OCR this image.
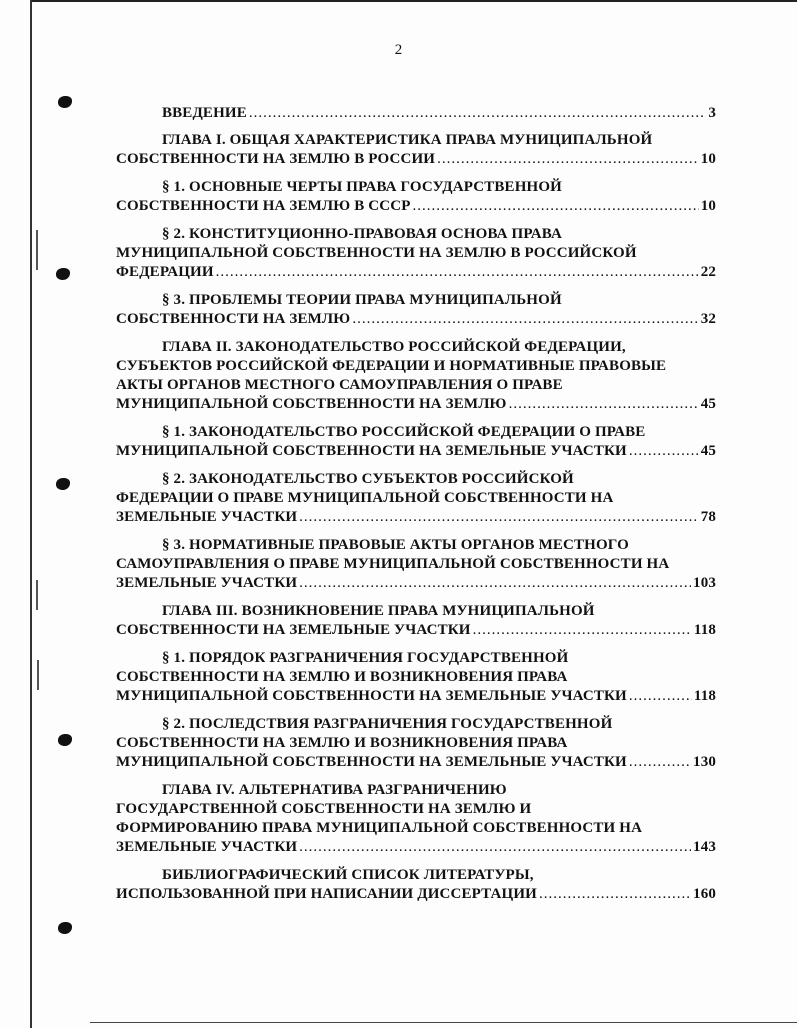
2
ВВЕДЕНИЕ .....	3
ГЛАВА I. ОБЩАЯ ХАРАКТЕРИСТИКА ПРАВА МУНИЦИПАЛЬНОЙ
СОБСТВЕННОСТИ НА ЗЕМЛЮ В РОССИИ .....	10
§ 1. ОСНОВНЫЕ ЧЕРТЫ ПРАВА ГОСУДАРСТВЕННОЙ
СОБСТВЕННОСТИ НА ЗЕМЛЮ В СССР .....	10
§ 2. КОНСТИТУЦИОННО-ПРАВОВАЯ ОСНОВА ПРАВА
МУНИЦИПАЛЬНОЙ СОБСТВЕННОСТИ НА ЗЕМЛЮ В РОССИЙСКОЙ
ФЕДЕРАЦИИ .....	22
§ 3. ПРОБЛЕМЫ ТЕОРИИ ПРАВА МУНИЦИПАЛЬНОЙ
СОБСТВЕННОСТИ НА ЗЕМЛЮ .....	32
ГЛАВА II. ЗАКОНОДАТЕЛЬСТВО РОССИЙСКОЙ ФЕДЕРАЦИИ,
СУБЪЕКТОВ РОССИЙСКОЙ ФЕДЕРАЦИИ И НОРМАТИВНЫЕ ПРАВОВЫЕ
АКТЫ ОРГАНОВ МЕСТНОГО САМОУПРАВЛЕНИЯ О ПРАВЕ
МУНИЦИПАЛЬНОЙ СОБСТВЕННОСТИ НА ЗЕМЛЮ .....	45
§ 1. ЗАКОНОДАТЕЛЬСТВО РОССИЙСКОЙ ФЕДЕРАЦИИ О ПРАВЕ
МУНИЦИПАЛЬНОЙ СОБСТВЕННОСТИ НА ЗЕМЕЛЬНЫЕ УЧАСТКИ .....	45
§ 2. ЗАКОНОДАТЕЛЬСТВО СУБЪЕКТОВ РОССИЙСКОЙ
ФЕДЕРАЦИИ О ПРАВЕ МУНИЦИПАЛЬНОЙ СОБСТВЕННОСТИ НА
ЗЕМЕЛЬНЫЕ УЧАСТКИ .....	78
§ 3. НОРМАТИВНЫЕ ПРАВОВЫЕ АКТЫ ОРГАНОВ МЕСТНОГО
САМОУПРАВЛЕНИЯ О ПРАВЕ МУНИЦИПАЛЬНОЙ СОБСТВЕННОСТИ НА
ЗЕМЕЛЬНЫЕ УЧАСТКИ .....	103
ГЛАВА III. ВОЗНИКНОВЕНИЕ ПРАВА МУНИЦИПАЛЬНОЙ
СОБСТВЕННОСТИ НА ЗЕМЕЛЬНЫЕ УЧАСТКИ .....	118
§ 1. ПОРЯДОК РАЗГРАНИЧЕНИЯ ГОСУДАРСТВЕННОЙ
СОБСТВЕННОСТИ НА ЗЕМЛЮ И ВОЗНИКНОВЕНИЯ ПРАВА
МУНИЦИПАЛЬНОЙ СОБСТВЕННОСТИ НА ЗЕМЕЛЬНЫЕ УЧАСТКИ .....	118
§ 2. ПОСЛЕДСТВИЯ РАЗГРАНИЧЕНИЯ ГОСУДАРСТВЕННОЙ
СОБСТВЕННОСТИ НА ЗЕМЛЮ И ВОЗНИКНОВЕНИЯ ПРАВА
МУНИЦИПАЛЬНОЙ СОБСТВЕННОСТИ НА ЗЕМЕЛЬНЫЕ УЧАСТКИ .....	130
ГЛАВА IV. АЛЬТЕРНАТИВА РАЗГРАНИЧЕНИЮ
ГОСУДАРСТВЕННОЙ СОБСТВЕННОСТИ НА ЗЕМЛЮ И
ФОРМИРОВАНИЮ ПРАВА МУНИЦИПАЛЬНОЙ СОБСТВЕННОСТИ НА
ЗЕМЕЛЬНЫЕ УЧАСТКИ .....	143
БИБЛИОГРАФИЧЕСКИЙ СПИСОК ЛИТЕРАТУРЫ,
ИСПОЛЬЗОВАННОЙ ПРИ НАПИСАНИИ ДИССЕРТАЦИИ .....	160
